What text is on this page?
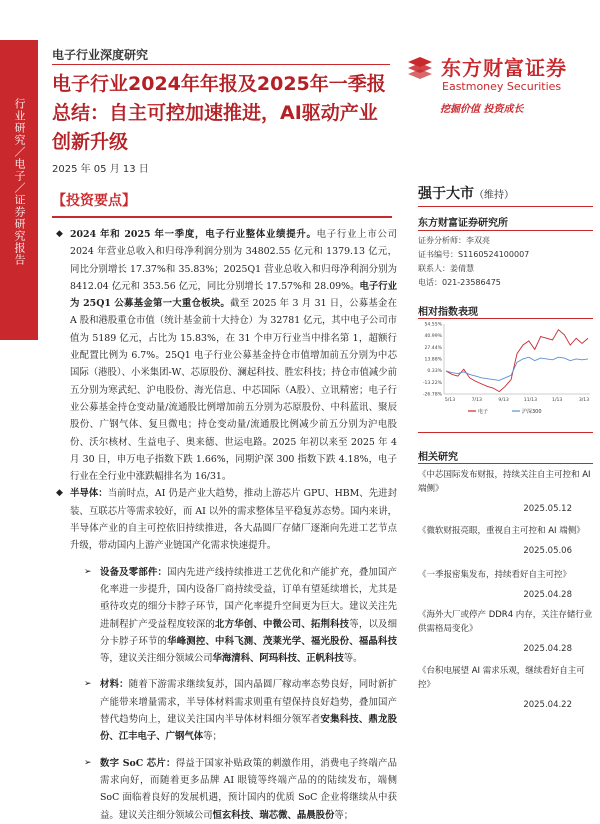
行业研究／电子／证券研究报告
电子行业深度研究
电子行业2024年年报及2025年一季报总结：自主可控加速推进，AI驱动产业创新升级
2025 年 05 月 13 日
东方财富证券
Eastmoney Securities
挖掘价值 投资成长
【投资要点】
◆ 2024 年和 2025 年一季度，电子行业整体业绩提升。电子行业上市公司 2024 年营业总收入和归母净利润分别为 34802.55 亿元和 1379.13 亿元，同比分别增长 17.37%和 35.83%；2025Q1 营业总收入和归母净利润分别为 8412.04 亿元和 353.56 亿元，同比分别增长 17.57%和 28.09%。电子行业为 25Q1 公募基金第一大重仓板块。截至 2025 年 3 月 31 日，公募基金在 A 股和港股重仓市值（统计基金前十大持仓）为 32781 亿元，其中电子公司市值为 5189 亿元，占比为 15.83%，在 31 个申万行业当中排名第 1，超额行业配置比例为 6.7%。25Q1 电子行业公募基金持仓市值增加前五分别为中芯国际（港股）、小米集团-W、芯原股份、澜起科技、胜宏科技；持仓市值减少前五分别为寒武纪、沪电股份、海光信息、中芯国际（A股）、立讯精密；电子行业公募基金持仓变动量/流通股比例增加前五分别为芯原股份、中科蓝讯、聚辰股份、广钢气体、复旦微电；持仓变动量/流通股比例减少前五分别为沪电股份、沃尔核材、生益电子、奥来德、世运电路。2025 年初以来至 2025 年 4 月 30 日，申万电子指数下跌 1.66%，同期沪深 300 指数下跌 4.18%，电子行业在全行业中涨跌幅排名为 16/31。
◆ 半导体：当前时点，AI 仍是产业大趋势，推动上游芯片 GPU、HBM、先进封装、互联芯片等需求较好，而 AI 以外的需求整体呈平稳复苏态势。国内来讲，半导体产业的自主可控依旧持续推进，各大晶圆厂存储厂逐渐向先进工艺节点升级，带动国内上游产业链国产化需求快速提升。
➢ 设备及零部件：国内先进产线持续推进工艺优化和产能扩充，叠加国产化率进一步提升，国内设备厂商持续受益，订单有望延续增长，尤其是亟待攻克的细分卡脖子环节，国产化率提升空间更为巨大。建议关注先进制程扩产受益程度较深的北方华创、中微公司、拓荆科技等，以及细分卡脖子环节的华峰测控、中科飞测、茂莱光学、福光股份、福晶科技等，建议关注细分领域公司华海清科、阿玛科技、正帆科技等。
➢ 材料：随着下游需求继续复苏，国内晶圆厂稼动率态势良好，同时新扩产能带来增量需求，半导体材料需求则重有望保持良好趋势，叠加国产替代趋势向上，建议关注国内半导体材料细分领军者安集科技、鼎龙股份、江丰电子、广钢气体等；
➢ 数字 SoC 芯片：得益于国家补贴政策的刺激作用，消费电子终端产品需求向好，而随着更多品牌 AI 眼镜等终端产品的的陆续发布，端侧 SoC 面临着良好的发展机遇，预计国内的优质 SoC 企业将继续从中获益。建议关注细分领域公司恒玄科技、瑞芯微、晶晨股份等；
强于大市（维持）
东方财富证券研究所
证券分析师：李双亮
证书编号：S1160524100007
联系人：姜倩慧
电话：021-23586475
相对指数表现
54.55%
40.99%
27.44%
13.88%
0.33%
-13.22%
-26.78%
5/13	7/13	9/13	11/13	1/13	3/13
电子	沪深300
相关研究
《中芯国际发布财报，持续关注自主可控和 AI 端侧》
2025.05.12
《微软财报亮眼，重视自主可控和 AI 端侧》
2025.05.06
《一季报密集发布，持续看好自主可控》
2025.04.28
《海外大厂或停产 DDR4 内存，关注存储行业供需格局变化》
2025.04.28
《台积电展望 AI 需求乐观，继续看好自主可控》
2025.04.22
